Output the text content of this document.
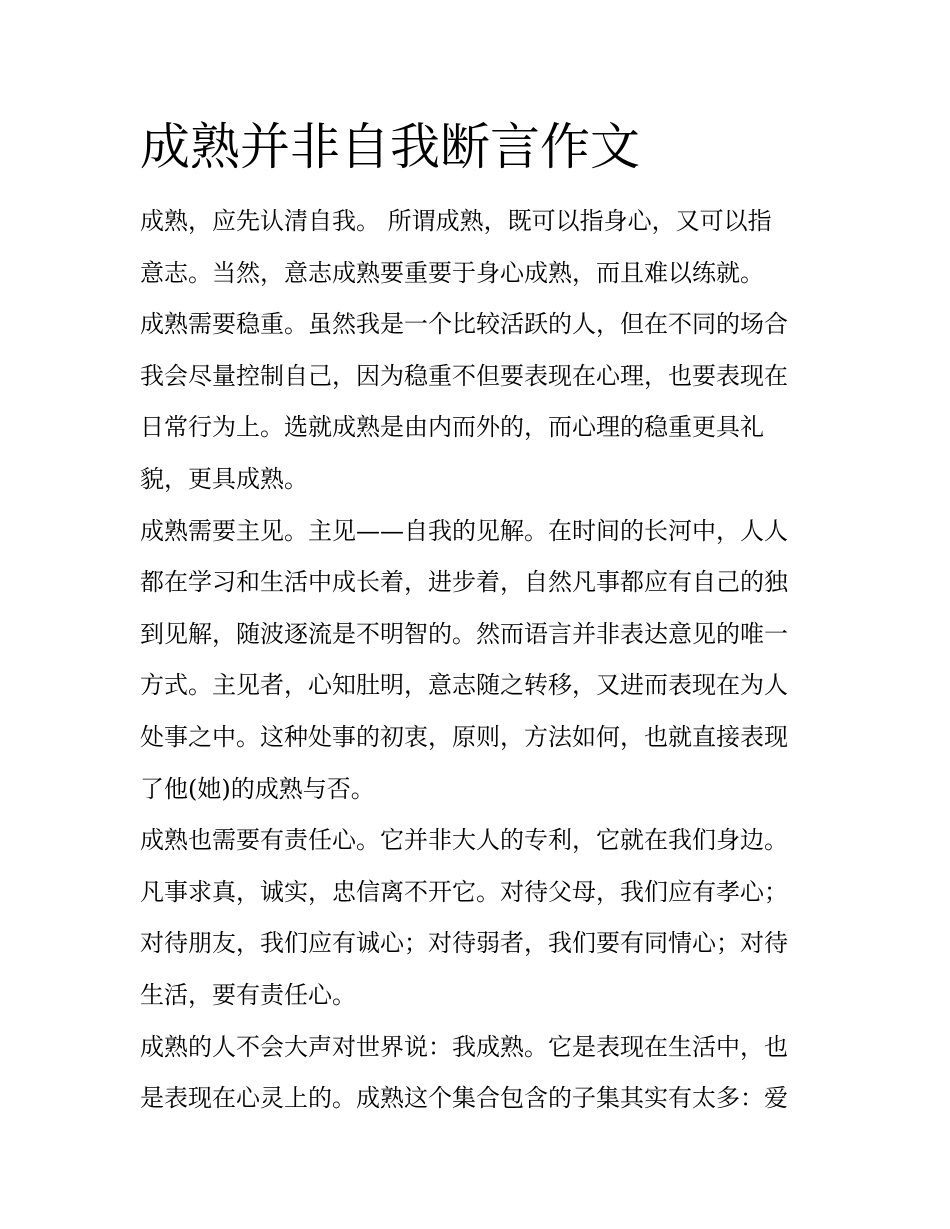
成熟并非自我断言作文
成熟，应先认清自我。 所谓成熟，既可以指身心，又可以指
意志。当然，意志成熟要重要于身心成熟，而且难以练就。
成熟需要稳重。虽然我是一个比较活跃的人，但在不同的场合
我会尽量控制自己，因为稳重不但要表现在心理，也要表现在
日常行为上。选就成熟是由内而外的，而心理的稳重更具礼
貌，更具成熟。
成熟需要主见。主见——自我的见解。在时间的长河中，人人
都在学习和生活中成长着，进步着，自然凡事都应有自己的独
到见解，随波逐流是不明智的。然而语言并非表达意见的唯一
方式。主见者，心知肚明，意志随之转移，又进而表现在为人
处事之中。这种处事的初衷，原则，方法如何，也就直接表现
了他(她)的成熟与否。
成熟也需要有责任心。它并非大人的专利，它就在我们身边。
凡事求真，诚实，忠信离不开它。对待父母，我们应有孝心；
对待朋友，我们应有诚心；对待弱者，我们要有同情心；对待
生活，要有责任心。
成熟的人不会大声对世界说：我成熟。它是表现在生活中，也
是表现在心灵上的。成熟这个集合包含的子集其实有太多：爱
